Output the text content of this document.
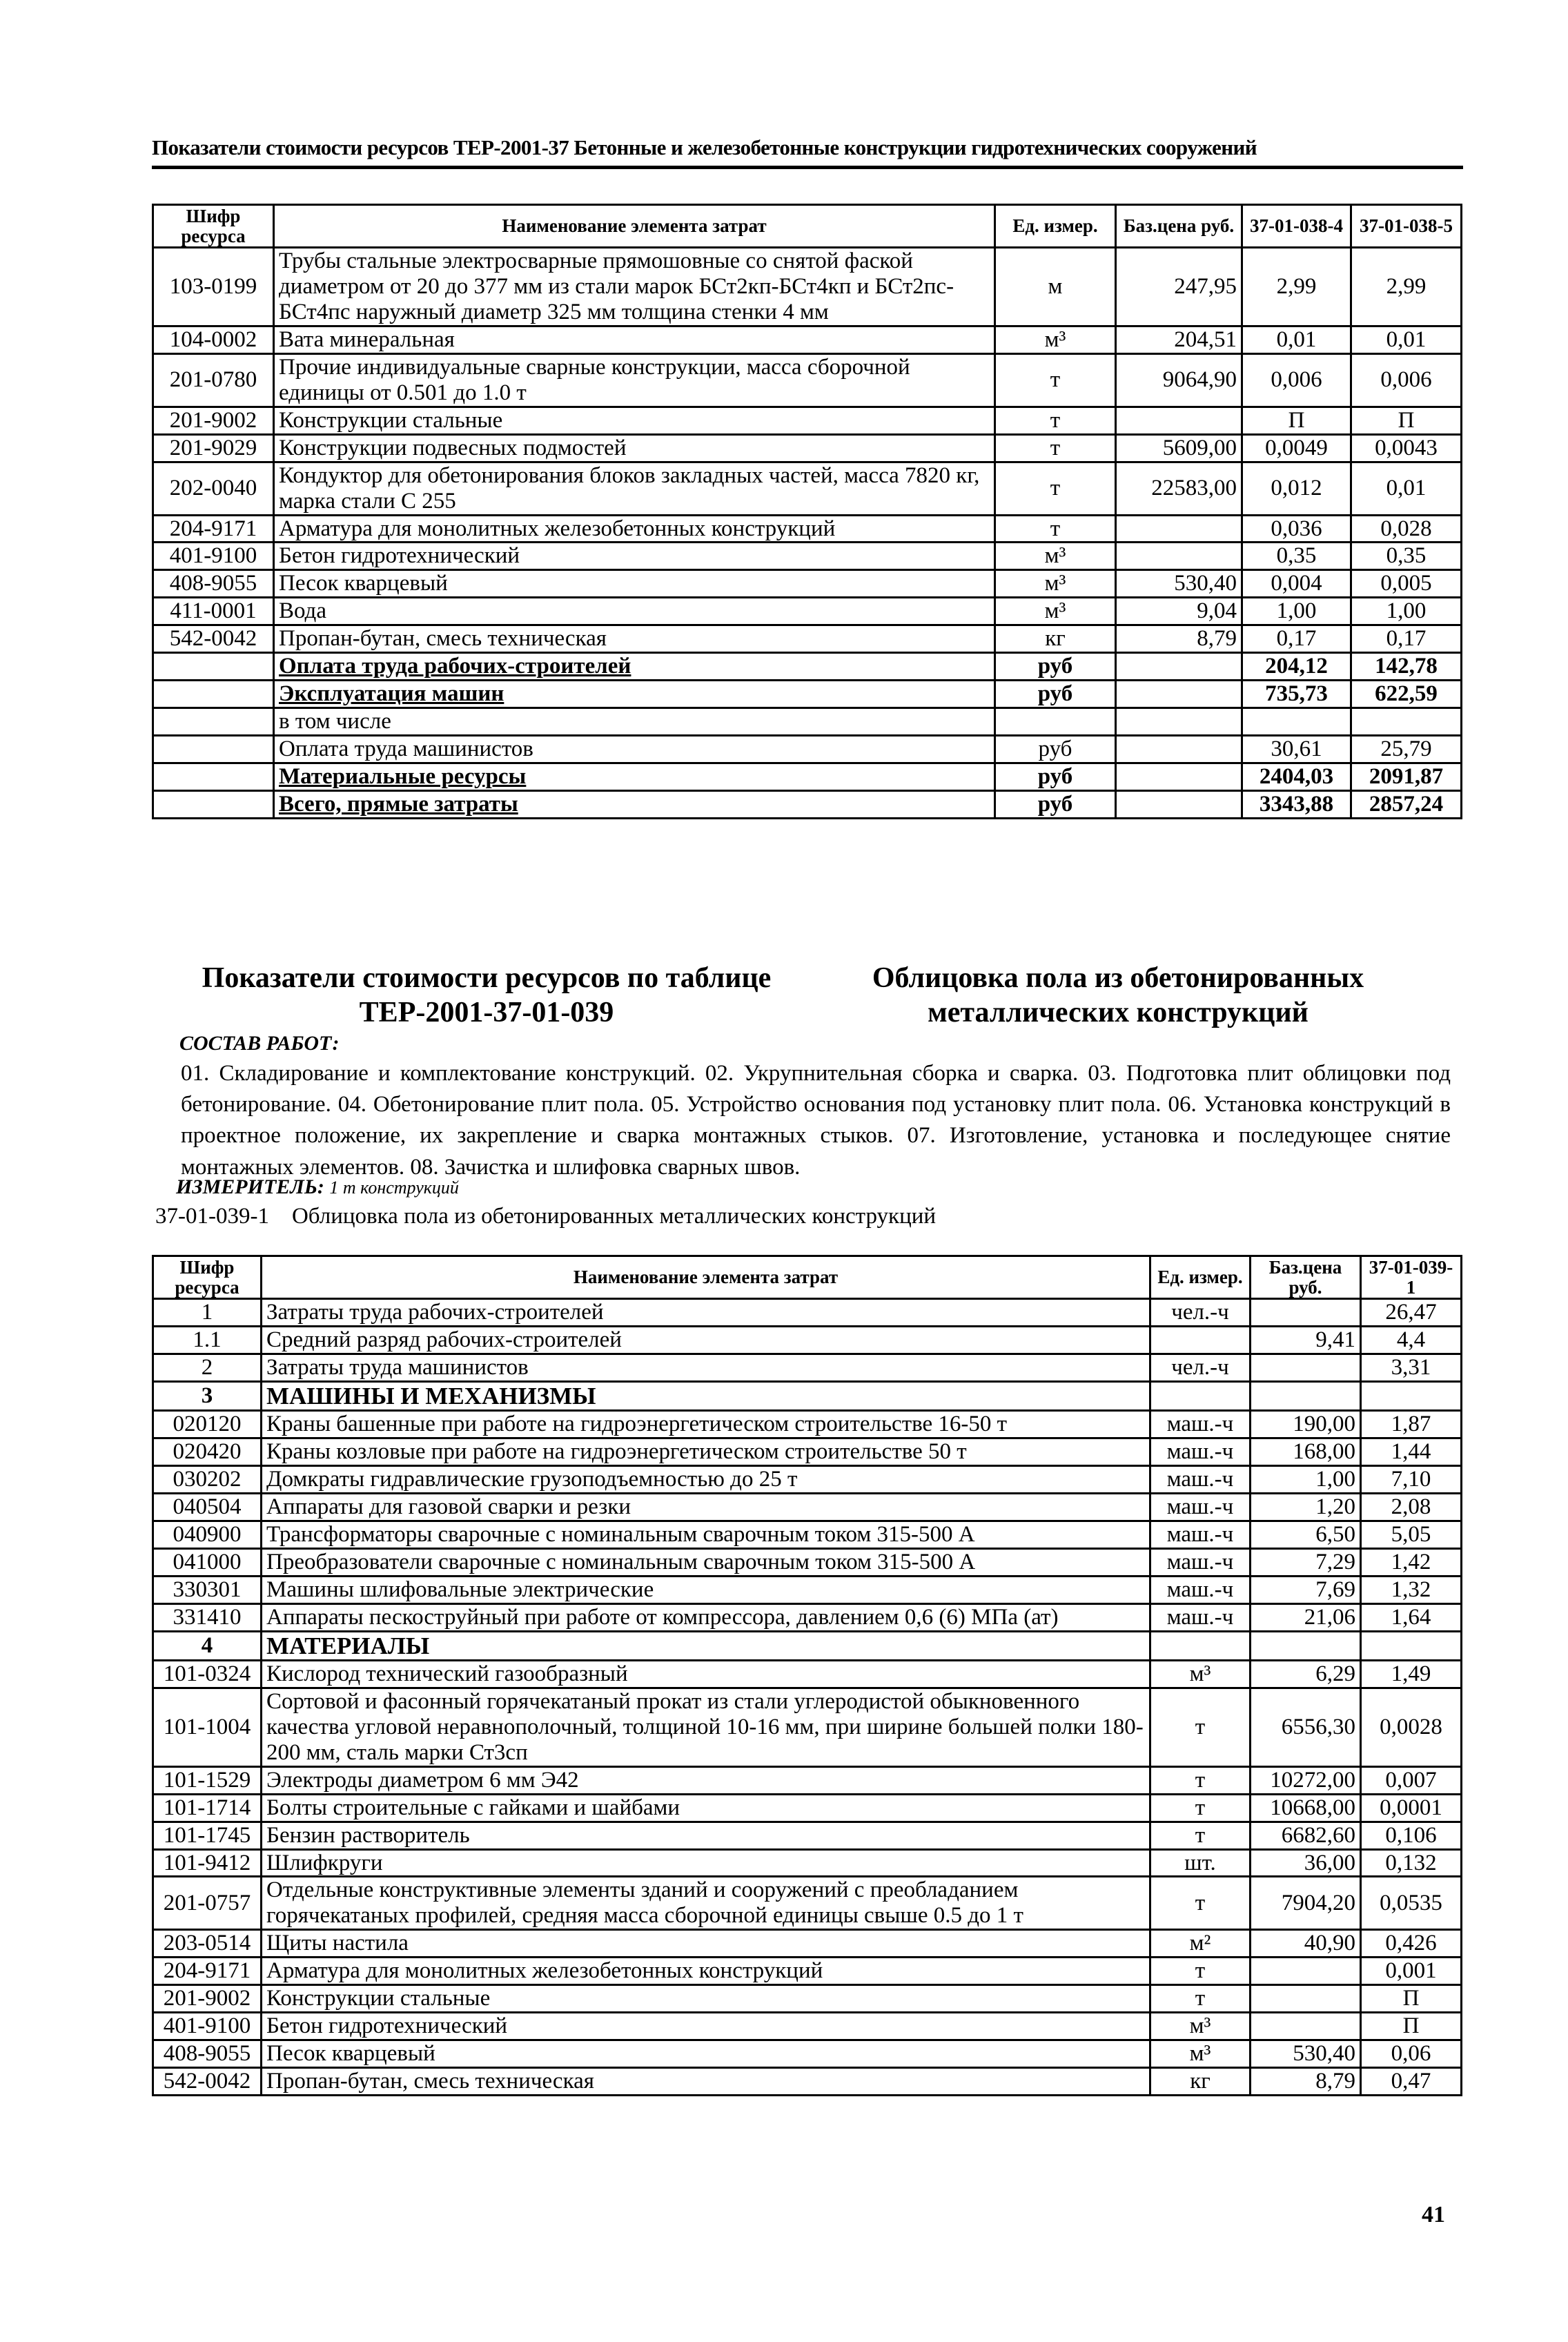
Показатели стоимости ресурсов ТЕР-2001-37 Бетонные и железобетонные конструкции гидротехнических сооружений
Шифр ресурса	Наименование элемента затрат	Ед. измер.	Баз.цена руб.	37-01-038-4	37-01-038-5
103-0199	Трубы стальные электросварные прямошовные со снятой фаской диаметром от 20 до 377 мм из стали марок БСт2кп-БСт4кп и БСт2пс-БСт4пс наружный диаметр 325 мм толщина стенки 4 мм	м	247,95	2,99	2,99
104-0002	Вата минеральная	м³	204,51	0,01	0,01
201-0780	Прочие индивидуальные сварные конструкции, масса сборочной единицы от 0.501 до 1.0 т	т	9064,90	0,006	0,006
201-9002	Конструкции стальные	т		П	П
201-9029	Конструкции подвесных подмостей	т	5609,00	0,0049	0,0043
202-0040	Кондуктор для обетонирования блоков закладных частей, масса 7820 кг, марка стали С 255	т	22583,00	0,012	0,01
204-9171	Арматура для монолитных железобетонных конструкций	т		0,036	0,028
401-9100	Бетон гидротехнический	м³		0,35	0,35
408-9055	Песок кварцевый	м³	530,40	0,004	0,005
411-0001	Вода	м³	9,04	1,00	1,00
542-0042	Пропан-бутан, смесь техническая	кг	8,79	0,17	0,17
	Оплата труда рабочих-строителей	руб		204,12	142,78
	Эксплуатация машин	руб		735,73	622,59
	в том числе				
	Оплата труда машинистов	руб		30,61	25,79
	Материальные ресурсы	руб		2404,03	2091,87
	Всего, прямые затраты	руб		3343,88	2857,24
Показатели стоимости ресурсов по таблице ТЕР-2001-37-01-039
Облицовка пола из обетонированных металлических конструкций
СОСТАВ РАБОТ:
01. Складирование и комплектование конструкций. 02. Укрупнительная сборка и сварка. 03. Подготовка плит облицовки под бетонирование. 04. Обетонирование плит пола. 05. Устройство основания под установку плит пола. 06. Установка конструкций в проектное положение, их закрепление и сварка монтажных стыков. 07. Изготовление, установка и последующее снятие монтажных элементов. 08. Зачистка и шлифовка сварных швов.
ИЗМЕРИТЕЛЬ: 1 т конструкций
37-01-039-1 Облицовка пола из обетонированных металлических конструкций
Шифр ресурса	Наименование элемента затрат	Ед. измер.	Баз.цена руб.	37-01-039-1
1	Затраты труда рабочих-строителей	чел.-ч		26,47
1.1	Средний разряд рабочих-строителей		9,41	4,4
2	Затраты труда машинистов	чел.-ч		3,31
3	МАШИНЫ И МЕХАНИЗМЫ			
020120	Краны башенные при работе на гидроэнергетическом строительстве 16-50 т	маш.-ч	190,00	1,87
020420	Краны козловые при работе на гидроэнергетическом строительстве 50 т	маш.-ч	168,00	1,44
030202	Домкраты гидравлические грузоподъемностью до 25 т	маш.-ч	1,00	7,10
040504	Аппараты для газовой сварки и резки	маш.-ч	1,20	2,08
040900	Трансформаторы сварочные с номинальным сварочным током 315-500 А	маш.-ч	6,50	5,05
041000	Преобразователи сварочные с номинальным сварочным током 315-500 А	маш.-ч	7,29	1,42
330301	Машины шлифовальные электрические	маш.-ч	7,69	1,32
331410	Аппараты пескоструйный при работе от компрессора, давлением 0,6 (6) МПа (ат)	маш.-ч	21,06	1,64
4	МАТЕРИАЛЫ			
101-0324	Кислород технический газообразный	м³	6,29	1,49
101-1004	Сортовой и фасонный горячекатаный прокат из стали углеродистой обыкновенного качества угловой неравнополочный, толщиной 10-16 мм, при ширине большей полки 180-200 мм, сталь марки Ст3сп	т	6556,30	0,0028
101-1529	Электроды диаметром 6 мм Э42	т	10272,00	0,007
101-1714	Болты строительные с гайками и шайбами	т	10668,00	0,0001
101-1745	Бензин растворитель	т	6682,60	0,106
101-9412	Шлифкруги	шт.	36,00	0,132
201-0757	Отдельные конструктивные элементы зданий и сооружений с преобладанием горячекатаных профилей, средняя масса сборочной единицы свыше 0.5 до 1 т	т	7904,20	0,0535
203-0514	Щиты настила	м²	40,90	0,426
204-9171	Арматура для монолитных железобетонных конструкций	т		0,001
201-9002	Конструкции стальные	т		П
401-9100	Бетон гидротехнический	м³		П
408-9055	Песок кварцевый	м³	530,40	0,06
542-0042	Пропан-бутан, смесь техническая	кг	8,79	0,47
41
